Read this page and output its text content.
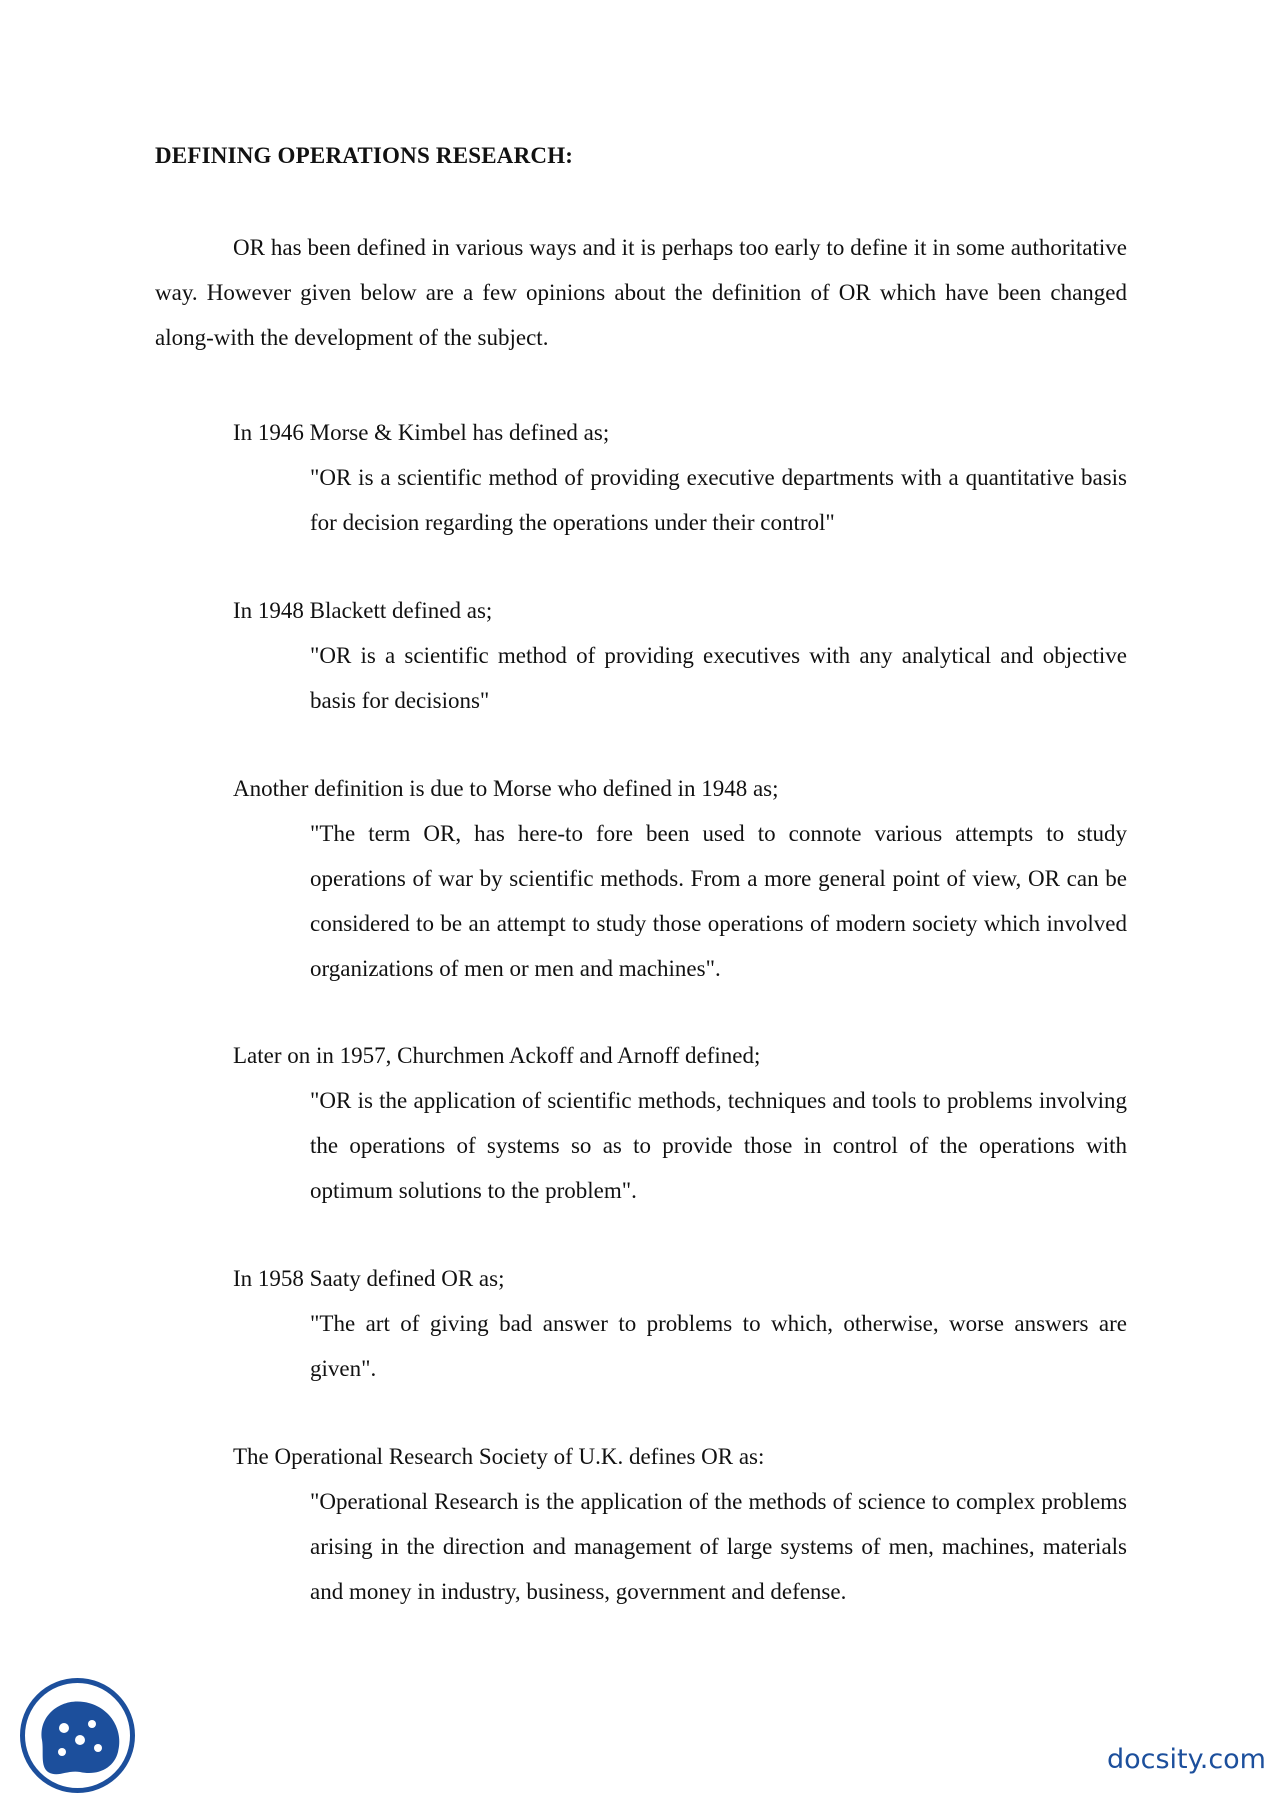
DEFINING OPERATIONS RESEARCH:
OR has been defined in various ways and it is perhaps too early to define it in some authoritative way. However given below are a few opinions about the definition of OR which have been changed along-with the development of the subject.
In 1946 Morse & Kimbel has defined as;
"OR is a scientific method of providing executive departments with a quantitative basis for decision regarding the operations under their control"
In 1948 Blackett defined as;
"OR is a scientific method of providing executives with any analytical and objective basis for decisions"
Another definition is due to Morse who defined in 1948 as;
"The term OR, has here-to fore been used to connote various attempts to study operations of war by scientific methods. From a more general point of view, OR can be considered to be an attempt to study those operations of modern society which involved organizations of men or men and machines".
Later on in 1957, Churchmen Ackoff and Arnoff defined;
"OR is the application of scientific methods, techniques and tools to problems involving the operations of systems so as to provide those in control of the operations with optimum solutions to the problem".
In 1958 Saaty defined OR as;
"The art of giving bad answer to problems to which, otherwise, worse answers are given".
The Operational Research Society of U.K. defines OR as:
"Operational Research is the application of the methods of science to complex problems arising in the direction and management of large systems of men, machines, materials and money in industry, business, government and defense.
docsity.com
